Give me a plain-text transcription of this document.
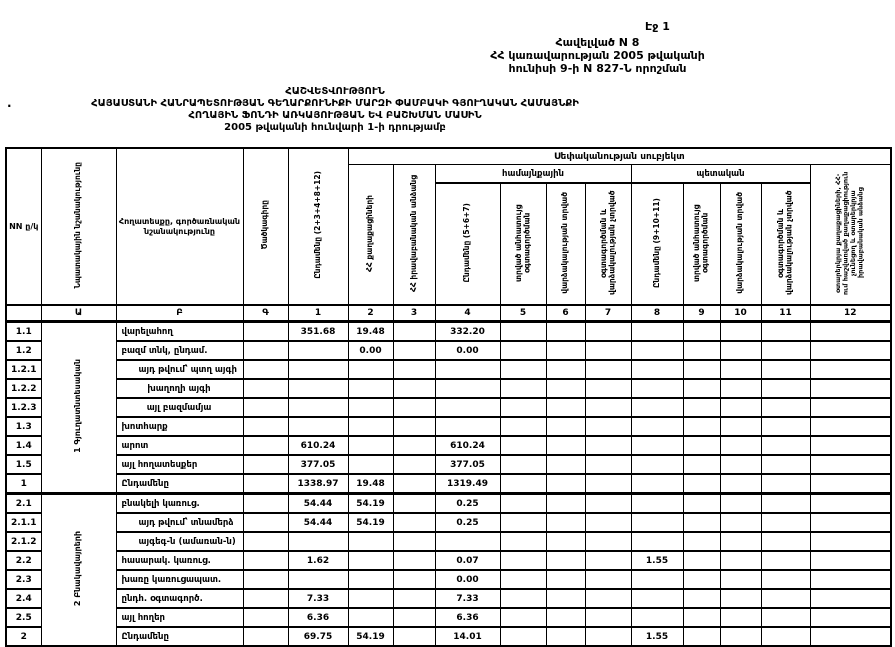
Էջ 1
Հավելված N 8
ՀՀ կառավարության 2005 թվականի
հունիսի 9-ի N 827-Ն որոշման
.
ՀԱՇՎԵՏՎՈՒԹՅՈՒՆ
ՀԱՅԱՍՏԱՆԻ ՀԱՆՐԱՊԵՏՈՒԹՅԱՆ ԳԵՂԱՐՔՈՒՆԻՔԻ ՄԱՐԶԻ ՓԱՄԲԱԿԻ ԳՅՈՒՂԱԿԱՆ ՀԱՄԱՅՆՔԻ
ՀՈՂԱՅԻՆ ՖՈՆԴԻ ԱՌԿԱՅՈՒԹՅԱՆ ԵՎ ԲԱՇԽՄԱՆ ՄԱՍԻՆ
2005 թվականի հունվարի 1-ի դրությամբ
NN ը/կ	Նպատակային նշանակությունը	Հողատեսքը, գործառնական նշանակությունը	Ծածկագիրը	Ընդամենը (2+3+4+8+12)	Սեփականության սուբյեկտ										
					ՀՀ քաղաքացիների	ՀՀ իրավաբանական անձանց	համայնքային				պետական				օտարերկրյա քաղաքացիների, ՀՀ-ում հաշվառված քաղաքացիություն չունեցող և օտարերկրյա իրավաբանական անձանց
							Ընդամենը (5+6+7)	տրված անհատույց օգտագործման	վարձակալության տրված	օգտագործման և վարձակալության չտրված	Ընդամենը (9+10+11)	տրված անհատույց օգտագործման	վարձակալության տրված	օգտագործման և վարձակալության չտրված	
	Ա	Բ	Գ	1	2	3	4	5	6	7	8	9	10	11	12
1.1	1 Գյուղատնտեսական	վարելահող		351.68	19.48		332.20								
1.2		բազմ տնկ, ընդամ.			0.00		0.00								
1.2.1		այդ թվում՝ պտղ այգի													
1.2.2		խաղողի այգի													
1.2.3		այլ բազմամյա													
1.3		խոտհարք													
1.4		արոտ		610.24			610.24								
1.5		այլ հողատեսքեր		377.05			377.05								
1		Ընդամենը		1338.97	19.48		1319.49								
2.1	2 Բնակավայրերի	բնակելի կառուց.		54.44	54.19		0.25								
2.1.1		այդ թվում՝ տնամերձ		54.44	54.19		0.25								
2.1.2		այգեգ-ն (ամառան-ն)													
2.2		հասարակ. կառուց.		1.62			0.07				1.55				
2.3		խառը կառուցապատ.					0.00								
2.4		ընդհ. օգտագործ.		7.33			7.33								
2.5		այլ հողեր		6.36			6.36								
2		Ընդամենը		69.75	54.19		14.01				1.55				
